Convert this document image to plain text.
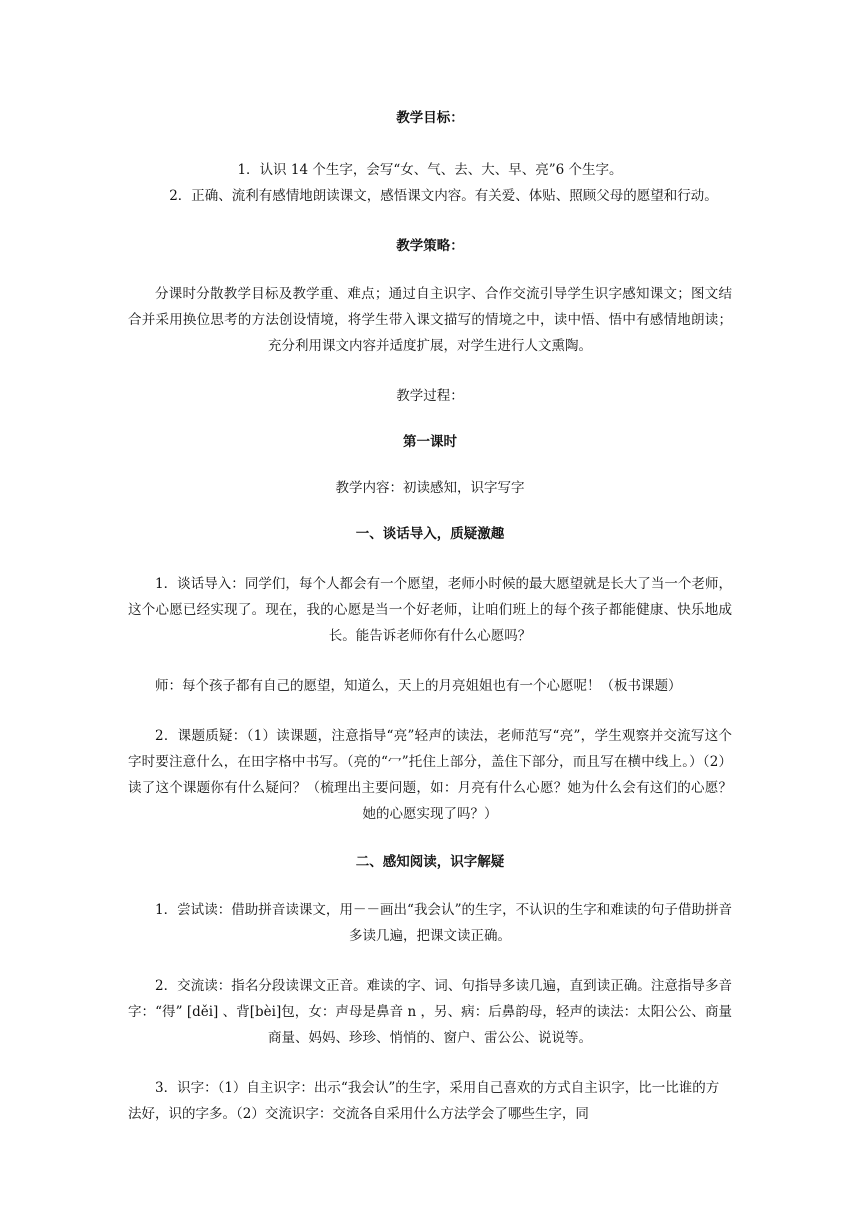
教学目标：

1．认识 14 个生字，会写“女、气、去、大、早、亮”6 个生字。

2．正确、流利有感情地朗读课文，感悟课文内容。有关爱、体贴、照顾父母的愿望和行动。

教学策略：

分课时分散教学目标及教学重、难点；通过自主识字、合作交流引导学生识字感知课文；图文结合并采用换位思考的方法创设情境，将学生带入课文描写的情境之中，读中悟、悟中有感情地朗读；充分利用课文内容并适度扩展，对学生进行人文熏陶。

教学过程：

第一课时

教学内容：初读感知，识字写字

一、谈话导入，质疑激趣

1．谈话导入：同学们，每个人都会有一个愿望，老师小时候的最大愿望就是长大了当一个老师，这个心愿已经实现了。现在，我的心愿是当一个好老师，让咱们班上的每个孩子都能健康、快乐地成长。能告诉老师你有什么心愿吗？

师：每个孩子都有自己的愿望，知道么，天上的月亮姐姐也有一个心愿呢！（板书课题）

2．课题质疑：（1）读课题，注意指导“亮”轻声的读法，老师范写“亮”，学生观察并交流写这个字时要注意什么，在田字格中书写。（亮的“冖”托住上部分，盖住下部分，而且写在横中线上。）（2）读了这个课题你有什么疑问？（梳理出主要问题，如：月亮有什么心愿？她为什么会有这们的心愿？她的心愿实现了吗？）

二、感知阅读，识字解疑

1．尝试读：借助拼音读课文，用－－画出“我会认”的生字，不认识的生字和难读的句子借助拼音多读几遍，把课文读正确。

2．交流读：指名分段读课文正音。难读的字、词、句指导多读几遍，直到读正确。注意指导多音字：“得” [děi] 、背[bèi]包，女：声母是鼻音 n ，另、病：后鼻韵母，轻声的读法：太阳公公、商量商量、妈妈、珍珍、悄悄的、窗户、雷公公、说说等。

3．识字：（1）自主识字：出示“我会认”的生字，采用自己喜欢的方式自主识字，比一比谁的方法好，识的字多。（2）交流识字：交流各自采用什么方法学会了哪些生字，同
